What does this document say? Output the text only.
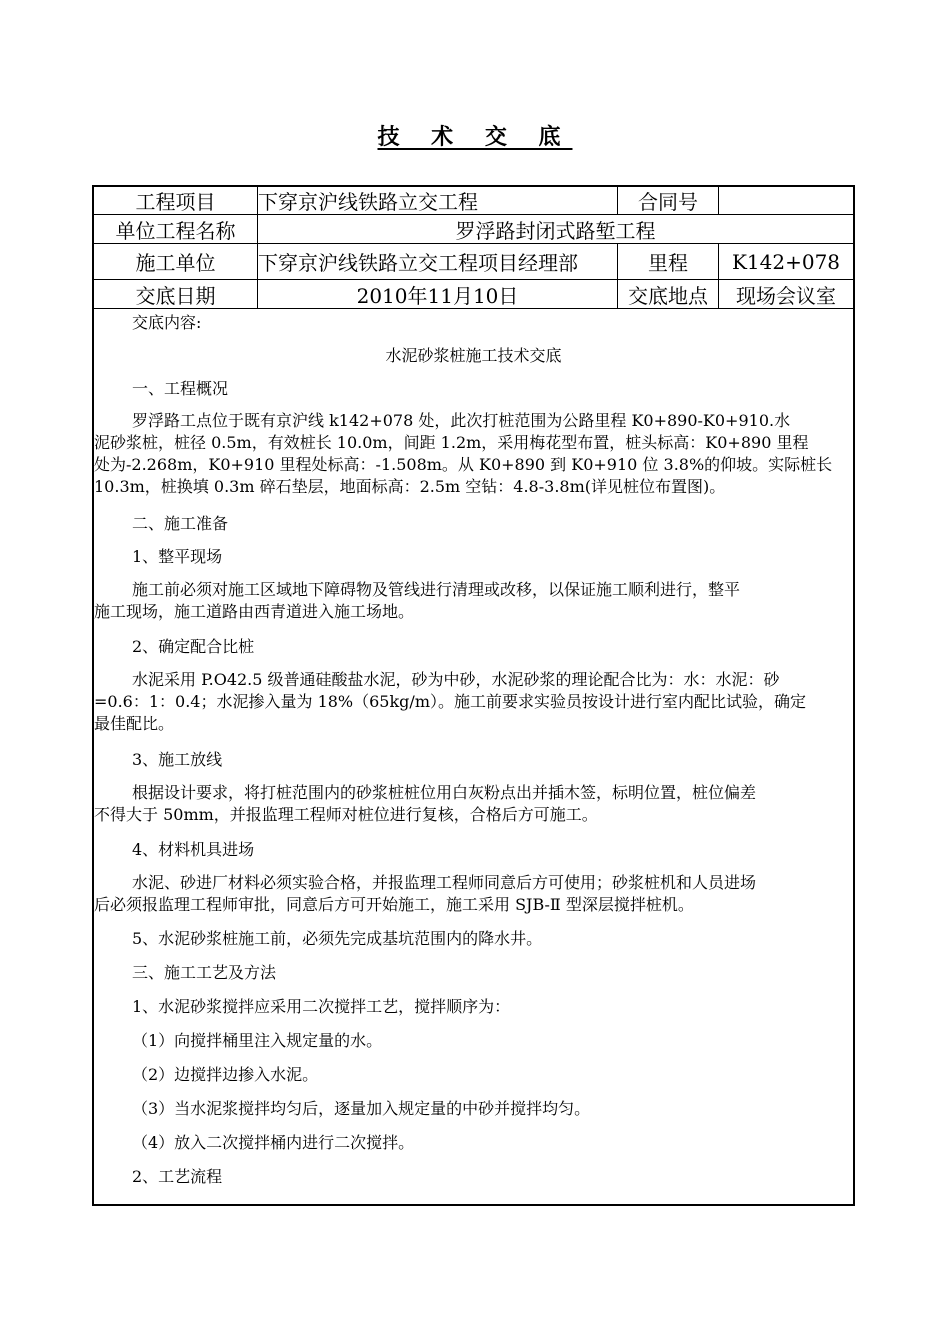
技 术 交 底
工程项目	下穿京沪线铁路立交工程	合同号
单位工程名称	罗浮路封闭式路堑工程
施工单位	下穿京沪线铁路立交工程项目经理部	里程	K142+078
交底日期	2010年11月10日	交底地点	现场会议室
交底内容:
水泥砂浆桩施工技术交底
一、工程概况
罗浮路工点位于既有京沪线 k142+078 处，此次打桩范围为公路里程 K0+890-K0+910.水
泥砂浆桩，桩径 0.5m，有效桩长 10.0m，间距 1.2m，采用梅花型布置，桩头标高：K0+890 里程
处为-2.268m，K0+910 里程处标高：-1.508m。从 K0+890 到 K0+910 位 3.8%的仰坡。实际桩长
10.3m，桩换填 0.3m 碎石垫层，地面标高：2.5m 空钻：4.8-3.8m(详见桩位布置图)。
二、施工准备
1、整平现场
施工前必须对施工区域地下障碍物及管线进行清理或改移，以保证施工顺利进行，整平
施工现场，施工道路由西青道进入施工场地。
2、确定配合比桩
水泥采用 P.O42.5 级普通硅酸盐水泥，砂为中砂，水泥砂浆的理论配合比为：水：水泥：砂
=0.6：1：0.4；水泥掺入量为 18%（65kg/m）。施工前要求实验员按设计进行室内配比试验，确定
最佳配比。
3、施工放线
根据设计要求，将打桩范围内的砂浆桩桩位用白灰粉点出并插木签，标明位置，桩位偏差
不得大于 50mm，并报监理工程师对桩位进行复核，合格后方可施工。
4、材料机具进场
水泥、砂进厂材料必须实验合格，并报监理工程师同意后方可使用；砂浆桩机和人员进场
后必须报监理工程师审批，同意后方可开始施工，施工采用 SJB-Ⅱ 型深层搅拌桩机。
5、水泥砂浆桩施工前，必须先完成基坑范围内的降水井。
三、施工工艺及方法
1、水泥砂浆搅拌应采用二次搅拌工艺，搅拌顺序为：
（1）向搅拌桶里注入规定量的水。
（2）边搅拌边掺入水泥。
（3）当水泥浆搅拌均匀后，逐量加入规定量的中砂并搅拌均匀。
（4）放入二次搅拌桶内进行二次搅拌。
2、工艺流程
